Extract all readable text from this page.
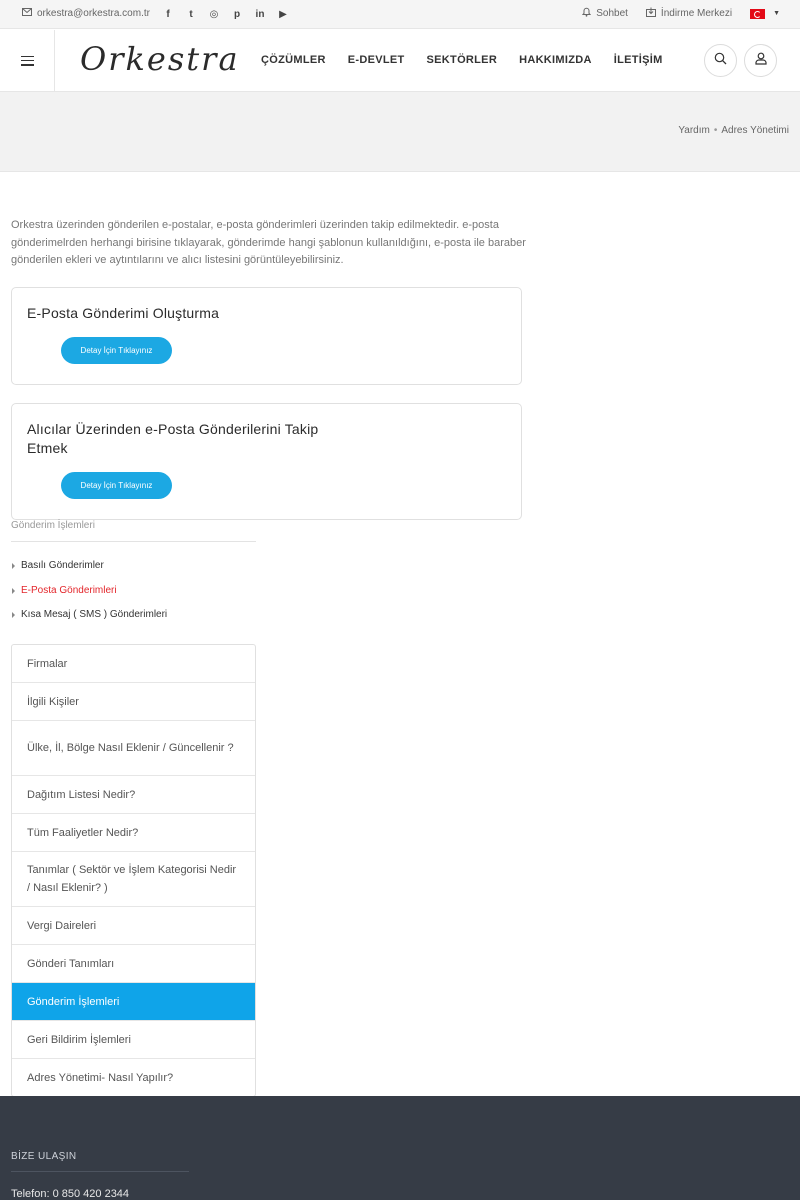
orkestra@orkestra.com.tr	f	t	◎ p in ▶	Sohbet	İndirme Merkezi	▼
Orkestra ÇÖZÜMLER E-DEVLET SEKTÖRLER HAKKIMIZDA İLETİŞİM
Yardım • Adres Yönetimi

Orkestra üzerinden gönderilen e-postalar, e-posta gönderimleri üzerinden takip edilmektedir. e-posta gönderimelrden herhangi birisine tıklayarak, gönderimde hangi şablonun kullanıldığını, e-posta ile baraber gönderilen ekleri ve aytıntılarını ve alıcı listesini görüntüleyebilirsiniz.

E-Posta Gönderimi Oluşturma
Detay İçin Tıklayınız
Alıcılar Üzerinden e-Posta Gönderilerini Takip Etmek
Detay İçin Tıklayınız
Gönderim İşlemleri
Basılı Gönderimler
E-Posta Gönderimleri
Kısa Mesaj ( SMS ) Gönderimleri
Firmalar
İlgili Kişiler
Ülke, İl, Bölge Nasıl Eklenir / Güncellenir ?
Dağıtım Listesi Nedir?
Tüm Faaliyetler Nedir?
Tanımlar ( Sektör ve İşlem Kategorisi Nedir / Nasıl Eklenir? )
Vergi Daireleri
Gönderi Tanımları
Gönderim İşlemleri
Geri Bildirim İşlemleri
Adres Yönetimi- Nasıl Yapılır?
BİZE ULAŞIN
Telefon: 0 850 420 2344
